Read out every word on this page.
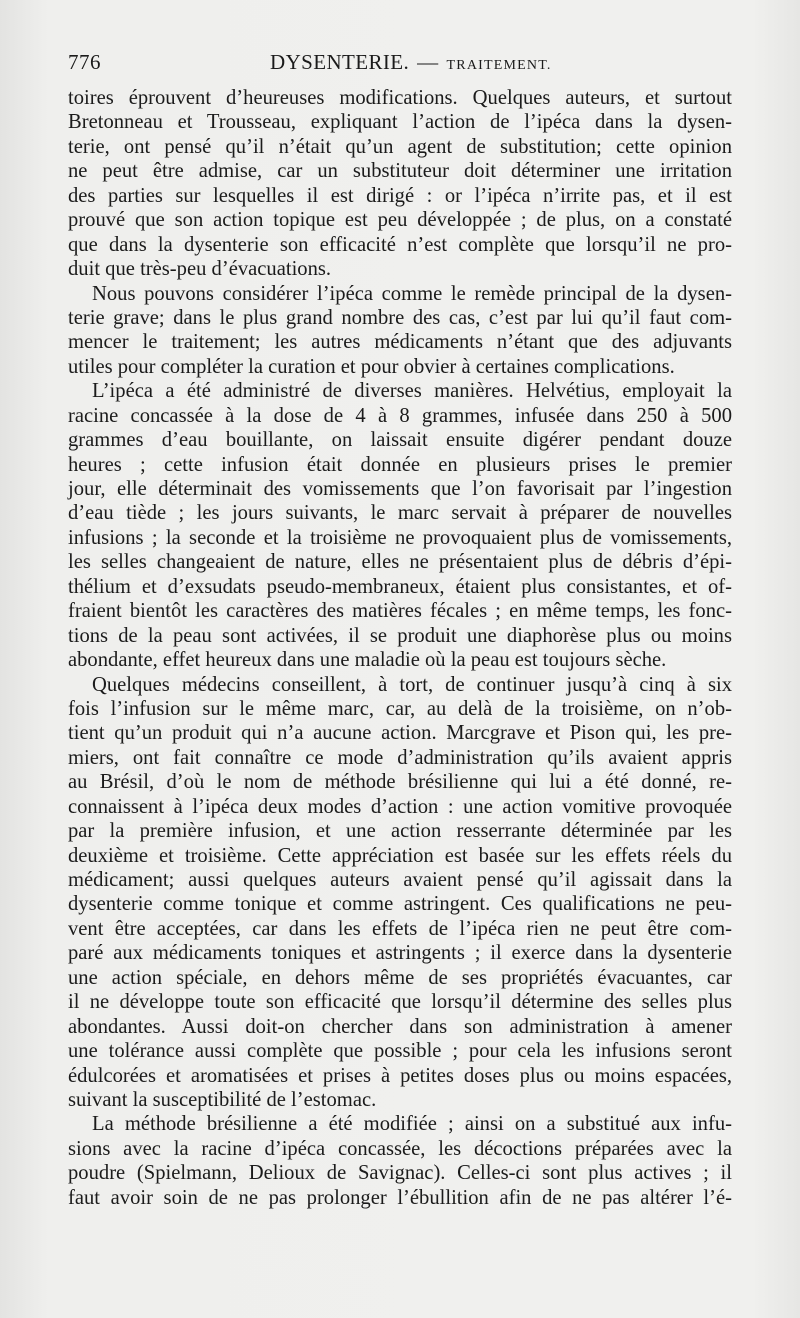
776	DYSENTERIE. — TRAITEMENT.
toires éprouvent d’heureuses modifications. Quelques auteurs, et surtout
Bretonneau et Trousseau, expliquant l’action de l’ipéca dans la dysen-
terie, ont pensé qu’il n’était qu’un agent de substitution; cette opinion
ne peut être admise, car un substituteur doit déterminer une irritation
des parties sur lesquelles il est dirigé : or l’ipéca n’irrite pas, et il est
prouvé que son action topique est peu développée ; de plus, on a constaté
que dans la dysenterie son efficacité n’est complète que lorsqu’il ne pro-
duit que très-peu d’évacuations.
Nous pouvons considérer l’ipéca comme le remède principal de la dysen-
terie grave; dans le plus grand nombre des cas, c’est par lui qu’il faut com-
mencer le traitement; les autres médicaments n’étant que des adjuvants
utiles pour compléter la curation et pour obvier à certaines complications.
L’ipéca a été administré de diverses manières. Helvétius, employait la
racine concassée à la dose de 4 à 8 grammes, infusée dans 250 à 500
grammes d’eau bouillante, on laissait ensuite digérer pendant douze
heures ; cette infusion était donnée en plusieurs prises le premier
jour, elle déterminait des vomissements que l’on favorisait par l’ingestion
d’eau tiède ; les jours suivants, le marc servait à préparer de nouvelles
infusions ; la seconde et la troisième ne provoquaient plus de vomissements,
les selles changeaient de nature, elles ne présentaient plus de débris d’épi-
thélium et d’exsudats pseudo-membraneux, étaient plus consistantes, et of-
fraient bientôt les caractères des matières fécales ; en même temps, les fonc-
tions de la peau sont activées, il se produit une diaphorèse plus ou moins
abondante, effet heureux dans une maladie où la peau est toujours sèche.
Quelques médecins conseillent, à tort, de continuer jusqu’à cinq à six
fois l’infusion sur le même marc, car, au delà de la troisième, on n’ob-
tient qu’un produit qui n’a aucune action. Marcgrave et Pison qui, les pre-
miers, ont fait connaître ce mode d’administration qu’ils avaient appris
au Brésil, d’où le nom de méthode brésilienne qui lui a été donné, re-
connaissent à l’ipéca deux modes d’action : une action vomitive provoquée
par la première infusion, et une action resserrante déterminée par les
deuxième et troisième. Cette appréciation est basée sur les effets réels du
médicament; aussi quelques auteurs avaient pensé qu’il agissait dans la
dysenterie comme tonique et comme astringent. Ces qualifications ne peu-
vent être acceptées, car dans les effets de l’ipéca rien ne peut être com-
paré aux médicaments toniques et astringents ; il exerce dans la dysenterie
une action spéciale, en dehors même de ses propriétés évacuantes, car
il ne développe toute son efficacité que lorsqu’il détermine des selles plus
abondantes. Aussi doit-on chercher dans son administration à amener
une tolérance aussi complète que possible ; pour cela les infusions seront
édulcorées et aromatisées et prises à petites doses plus ou moins espacées,
suivant la susceptibilité de l’estomac.
La méthode brésilienne a été modifiée ; ainsi on a substitué aux infu-
sions avec la racine d’ipéca concassée, les décoctions préparées avec la
poudre (Spielmann, Delioux de Savignac). Celles-ci sont plus actives ; il
faut avoir soin de ne pas prolonger l’ébullition afin de ne pas altérer l’é-
